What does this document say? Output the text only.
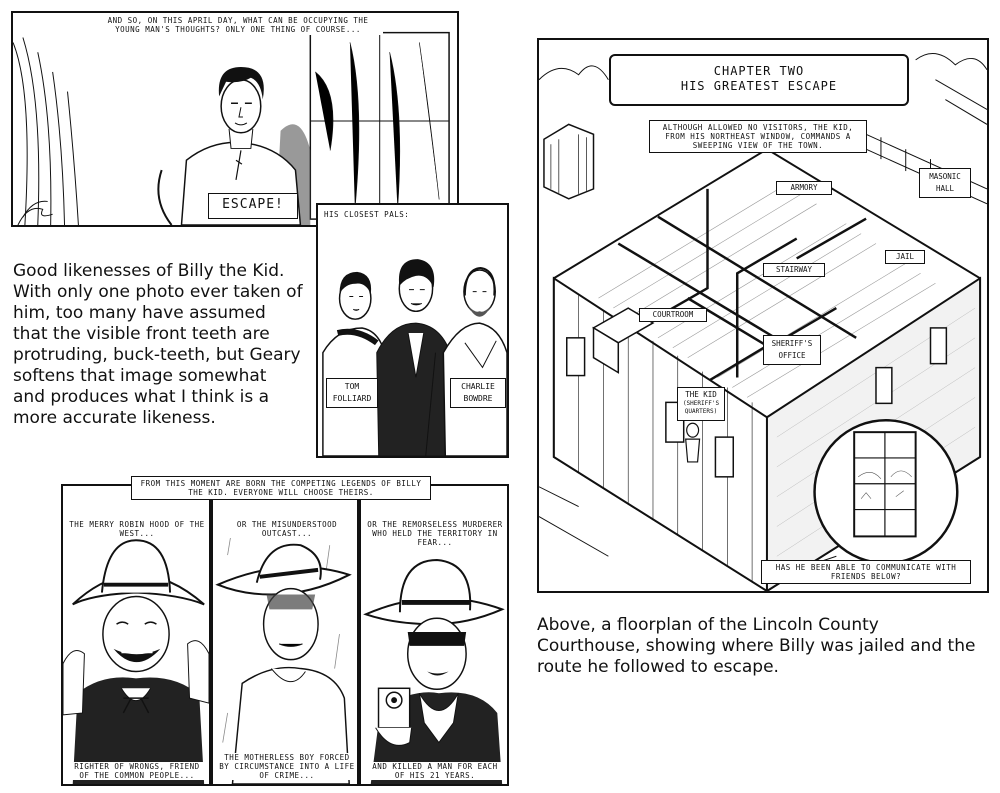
AND SO, ON THIS APRIL DAY, WHAT CAN BE OCCUPYING THE YOUNG MAN'S THOUGHTS? ONLY ONE THING OF COURSE...
ESCAPE!
HIS CLOSEST PALS:
TOM FOLLIARD
CHARLIE BOWDRE
Good likenesses of Billy the Kid. With only one photo ever taken of him, too many have assumed that the visible front teeth are protruding, buck-teeth, but Geary softens that image somewhat and produces what I think is a more accurate likeness.
THE MERRY ROBIN HOOD OF THE WEST...
RIGHTER OF WRONGS, FRIEND OF THE COMMON PEOPLE...
OR THE MISUNDERSTOOD OUTCAST...
THE MOTHERLESS BOY FORCED BY CIRCUMSTANCE INTO A LIFE OF CRIME...
OR THE REMORSELESS MURDERER WHO HELD THE TERRITORY IN FEAR...
AND KILLED A MAN FOR EACH OF HIS 21 YEARS.
FROM THIS MOMENT ARE BORN THE COMPETING LEGENDS OF BILLY THE KID. EVERYONE WILL CHOOSE THEIRS.
CHAPTER TWO
HIS GREATEST ESCAPE
ALTHOUGH ALLOWED NO VISITORS, THE KID, FROM HIS NORTHEAST WINDOW, COMMANDS A SWEEPING VIEW OF THE TOWN.
ARMORY
MASONIC HALL
STAIRWAY
JAIL
COURTROOM
SHERIFF'S OFFICE
THE KID
(SHERIFF'S QUARTERS)
HAS HE BEEN ABLE TO COMMUNICATE WITH FRIENDS BELOW?
Above, a floorplan of the Lincoln County Courthouse, showing where Billy was jailed and the route he followed to escape.
